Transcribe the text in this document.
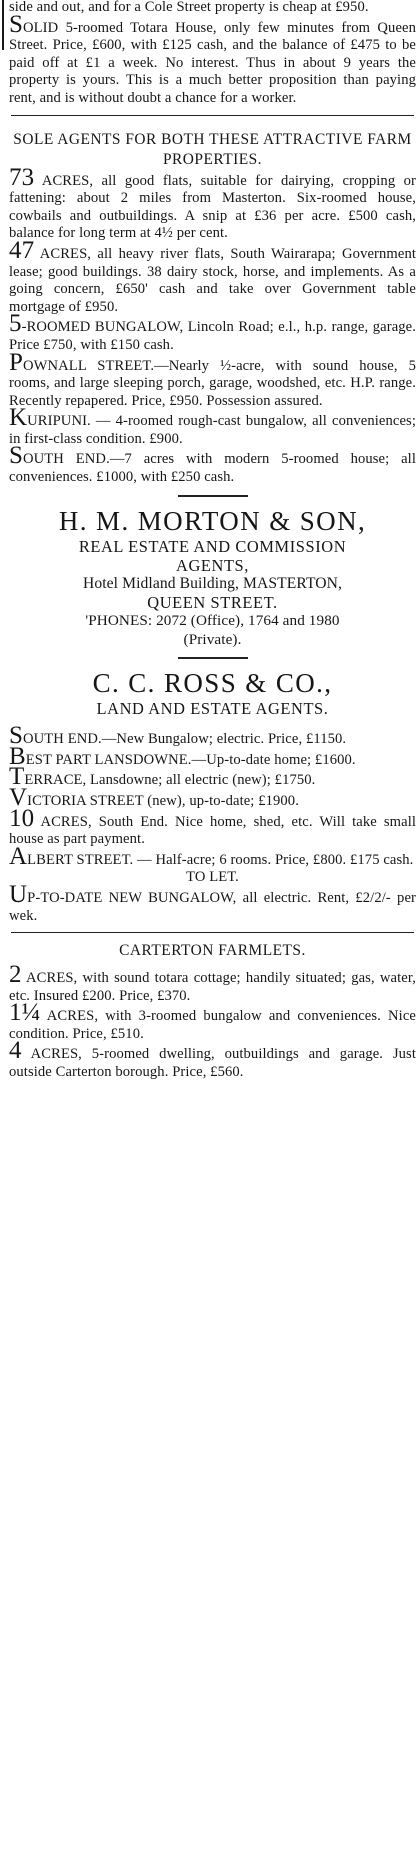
side and out, and for a Cole Street property is cheap at £950.

SOLID 5-roomed Totara House, only few minutes from Queen Street. Price, £600, with £125 cash, and the balance of £475 to be paid off at £1 a week. No interest. Thus in about 9 years the property is yours. This is a much better proposition than paying rent, and is without doubt a chance for a worker.

SOLE AGENTS FOR BOTH THESE ATTRACTIVE FARM PROPERTIES.

73 ACRES, all good flats, suitable for dairying, cropping or fattening: about 2 miles from Masterton. Six-roomed house, cowbails and outbuildings. A snip at £36 per acre. £500 cash, balance for long term at 4½ per cent.

47 ACRES, all heavy river flats, South Wairarapa; Government lease; good buildings. 38 dairy stock, horse, and implements. As a going concern, £650' cash and take over Government table mortgage of £950.

5-ROOMED BUNGALOW, Lincoln Road; e.l., h.p. range, garage. Price £750, with £150 cash.

POWNALL STREET.—Nearly ½-acre, with sound house, 5 rooms, and large sleeping porch, garage, woodshed, etc. H.P. range. Recently repapered. Price, £950. Possession assured.

KURIPUNI. — 4-roomed rough-cast bungalow, all conveniences; in first-class condition. £900.

SOUTH END.—7 acres with modern 5-roomed house; all conveniences. £1000, with £250 cash.

H. M. MORTON & SON,

REAL ESTATE AND COMMISSION

AGENTS,

Hotel Midland Building, MASTERTON,

QUEEN STREET.

'PHONES: 2072 (Office), 1764 and 1980

(Private).

C. C. ROSS & CO.,

LAND AND ESTATE AGENTS.

SOUTH END.—New Bungalow; electric. Price, £1150.

BEST PART LANSDOWNE.—Up-to-date home; £1600.

TERRACE, Lansdowne; all electric (new); £1750.

VICTORIA STREET (new), up-to-date; £1900.

10 ACRES, South End. Nice home, shed, etc. Will take small house as part payment.

ALBERT STREET. — Half-acre; 6 rooms. Price, £800. £175 cash.

TO LET.

UP-TO-DATE NEW BUNGALOW, all electric. Rent, £2/2/- per wek.

CARTERTON FARMLETS.

2 ACRES, with sound totara cottage; handily situated; gas, water, etc. Insured £200. Price, £370.

1¼ ACRES, with 3-roomed bungalow and conveniences. Nice condition. Price, £510.

4 ACRES, 5-roomed dwelling, outbuildings and garage. Just outside Carterton borough. Price, £560.
